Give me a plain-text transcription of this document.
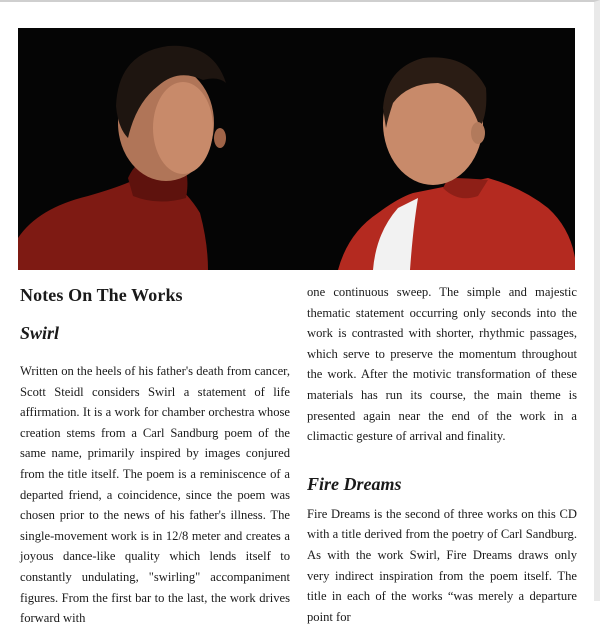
Notes On The Works
Swirl

Written on the heels of his father's death from cancer, Scott Steidl considers Swirl a statement of life affirmation. It is a work for chamber orchestra whose creation stems from a Carl Sandburg poem of the same name, primarily inspired by images conjured from the title itself. The poem is a reminiscence of a departed friend, a coincidence, since the poem was chosen prior to the news of his father's illness. The single-movement work is in 12/8 meter and creates a joyous dance-like quality which lends itself to constantly undulating, "swirling" accompaniment figures. From the first bar to the last, the work drives forward with

one continuous sweep. The simple and majestic thematic statement occurring only seconds into the work is contrasted with shorter, rhythmic passages, which serve to preserve the momentum throughout the work. After the motivic transformation of these materials has run its course, the main theme is presented again near the end of the work in a climactic gesture of arrival and finality.

Fire Dreams

Fire Dreams is the second of three works on this CD with a title derived from the poetry of Carl Sandburg. As with the work Swirl, Fire Dreams draws only very indirect inspiration from the poem itself. The title in each of the works “was merely a departure point for
